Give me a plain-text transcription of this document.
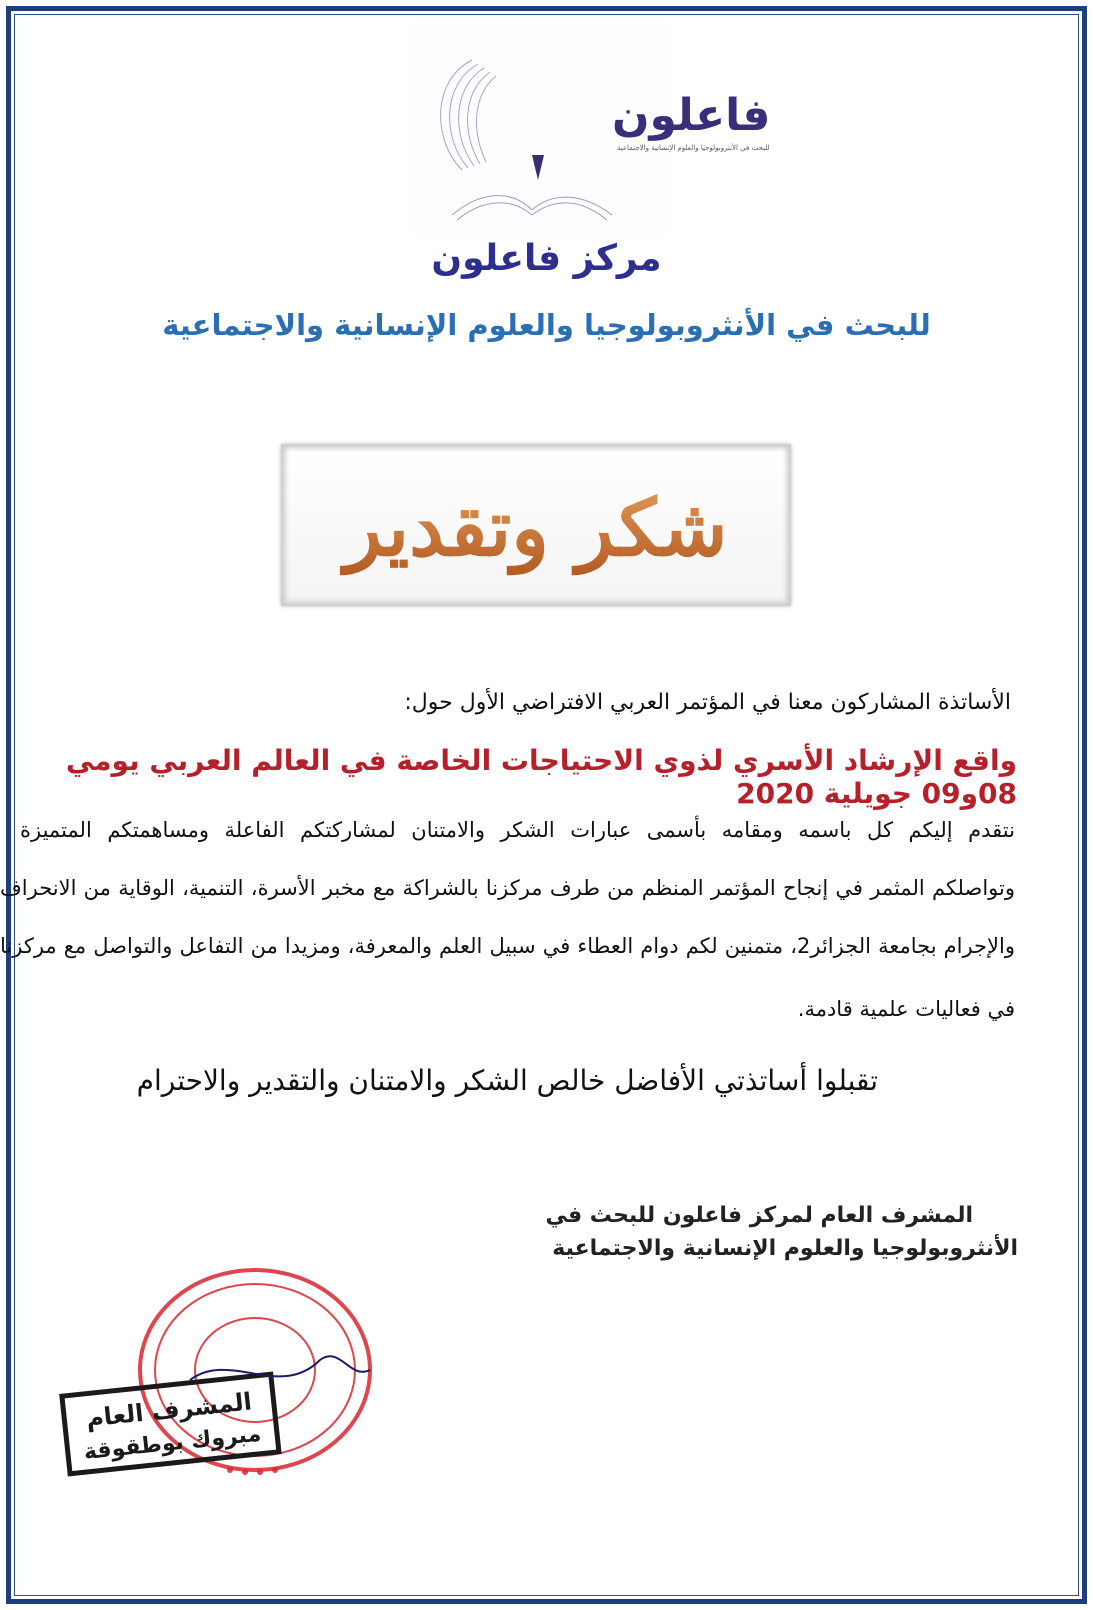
فاعلون
للبحث في الأنثروبولوجيا والعلوم الإنسانية والاجتماعية
مركز فاعلون
للبحث في الأنثروبولوجيا والعلوم الإنسانية والاجتماعية
شكر وتقدير
الأساتذة المشاركون معنا في المؤتمر العربي الافتراضي الأول حول:
واقع الإرشاد الأسري لذوي الاحتياجات الخاصة في العالم العربي يومي 08و09 جويلية 2020
نتقدم إليكم كل باسمه ومقامه بأسمى عبارات الشكر والامتنان لمشاركتكم الفاعلة ومساهمتكم المتميزة
وتواصلكم المثمر في إنجاح المؤتمر المنظم من طرف مركزنا بالشراكة مع مخبر الأسرة، التنمية، الوقاية من الانحراف
والإجرام بجامعة الجزائر2، متمنين لكم دوام العطاء في سبيل العلم والمعرفة، ومزيدا من التفاعل والتواصل مع مركزنا
في فعاليات علمية قادمة.
تقبلوا أساتذتي الأفاضل خالص الشكر والامتنان والتقدير والاحترام
المشرف العام لمركز فاعلون للبحث في
الأنثروبولوجيا والعلوم الإنسانية والاجتماعية
المشرف العام
مبروك بوطقوقة
